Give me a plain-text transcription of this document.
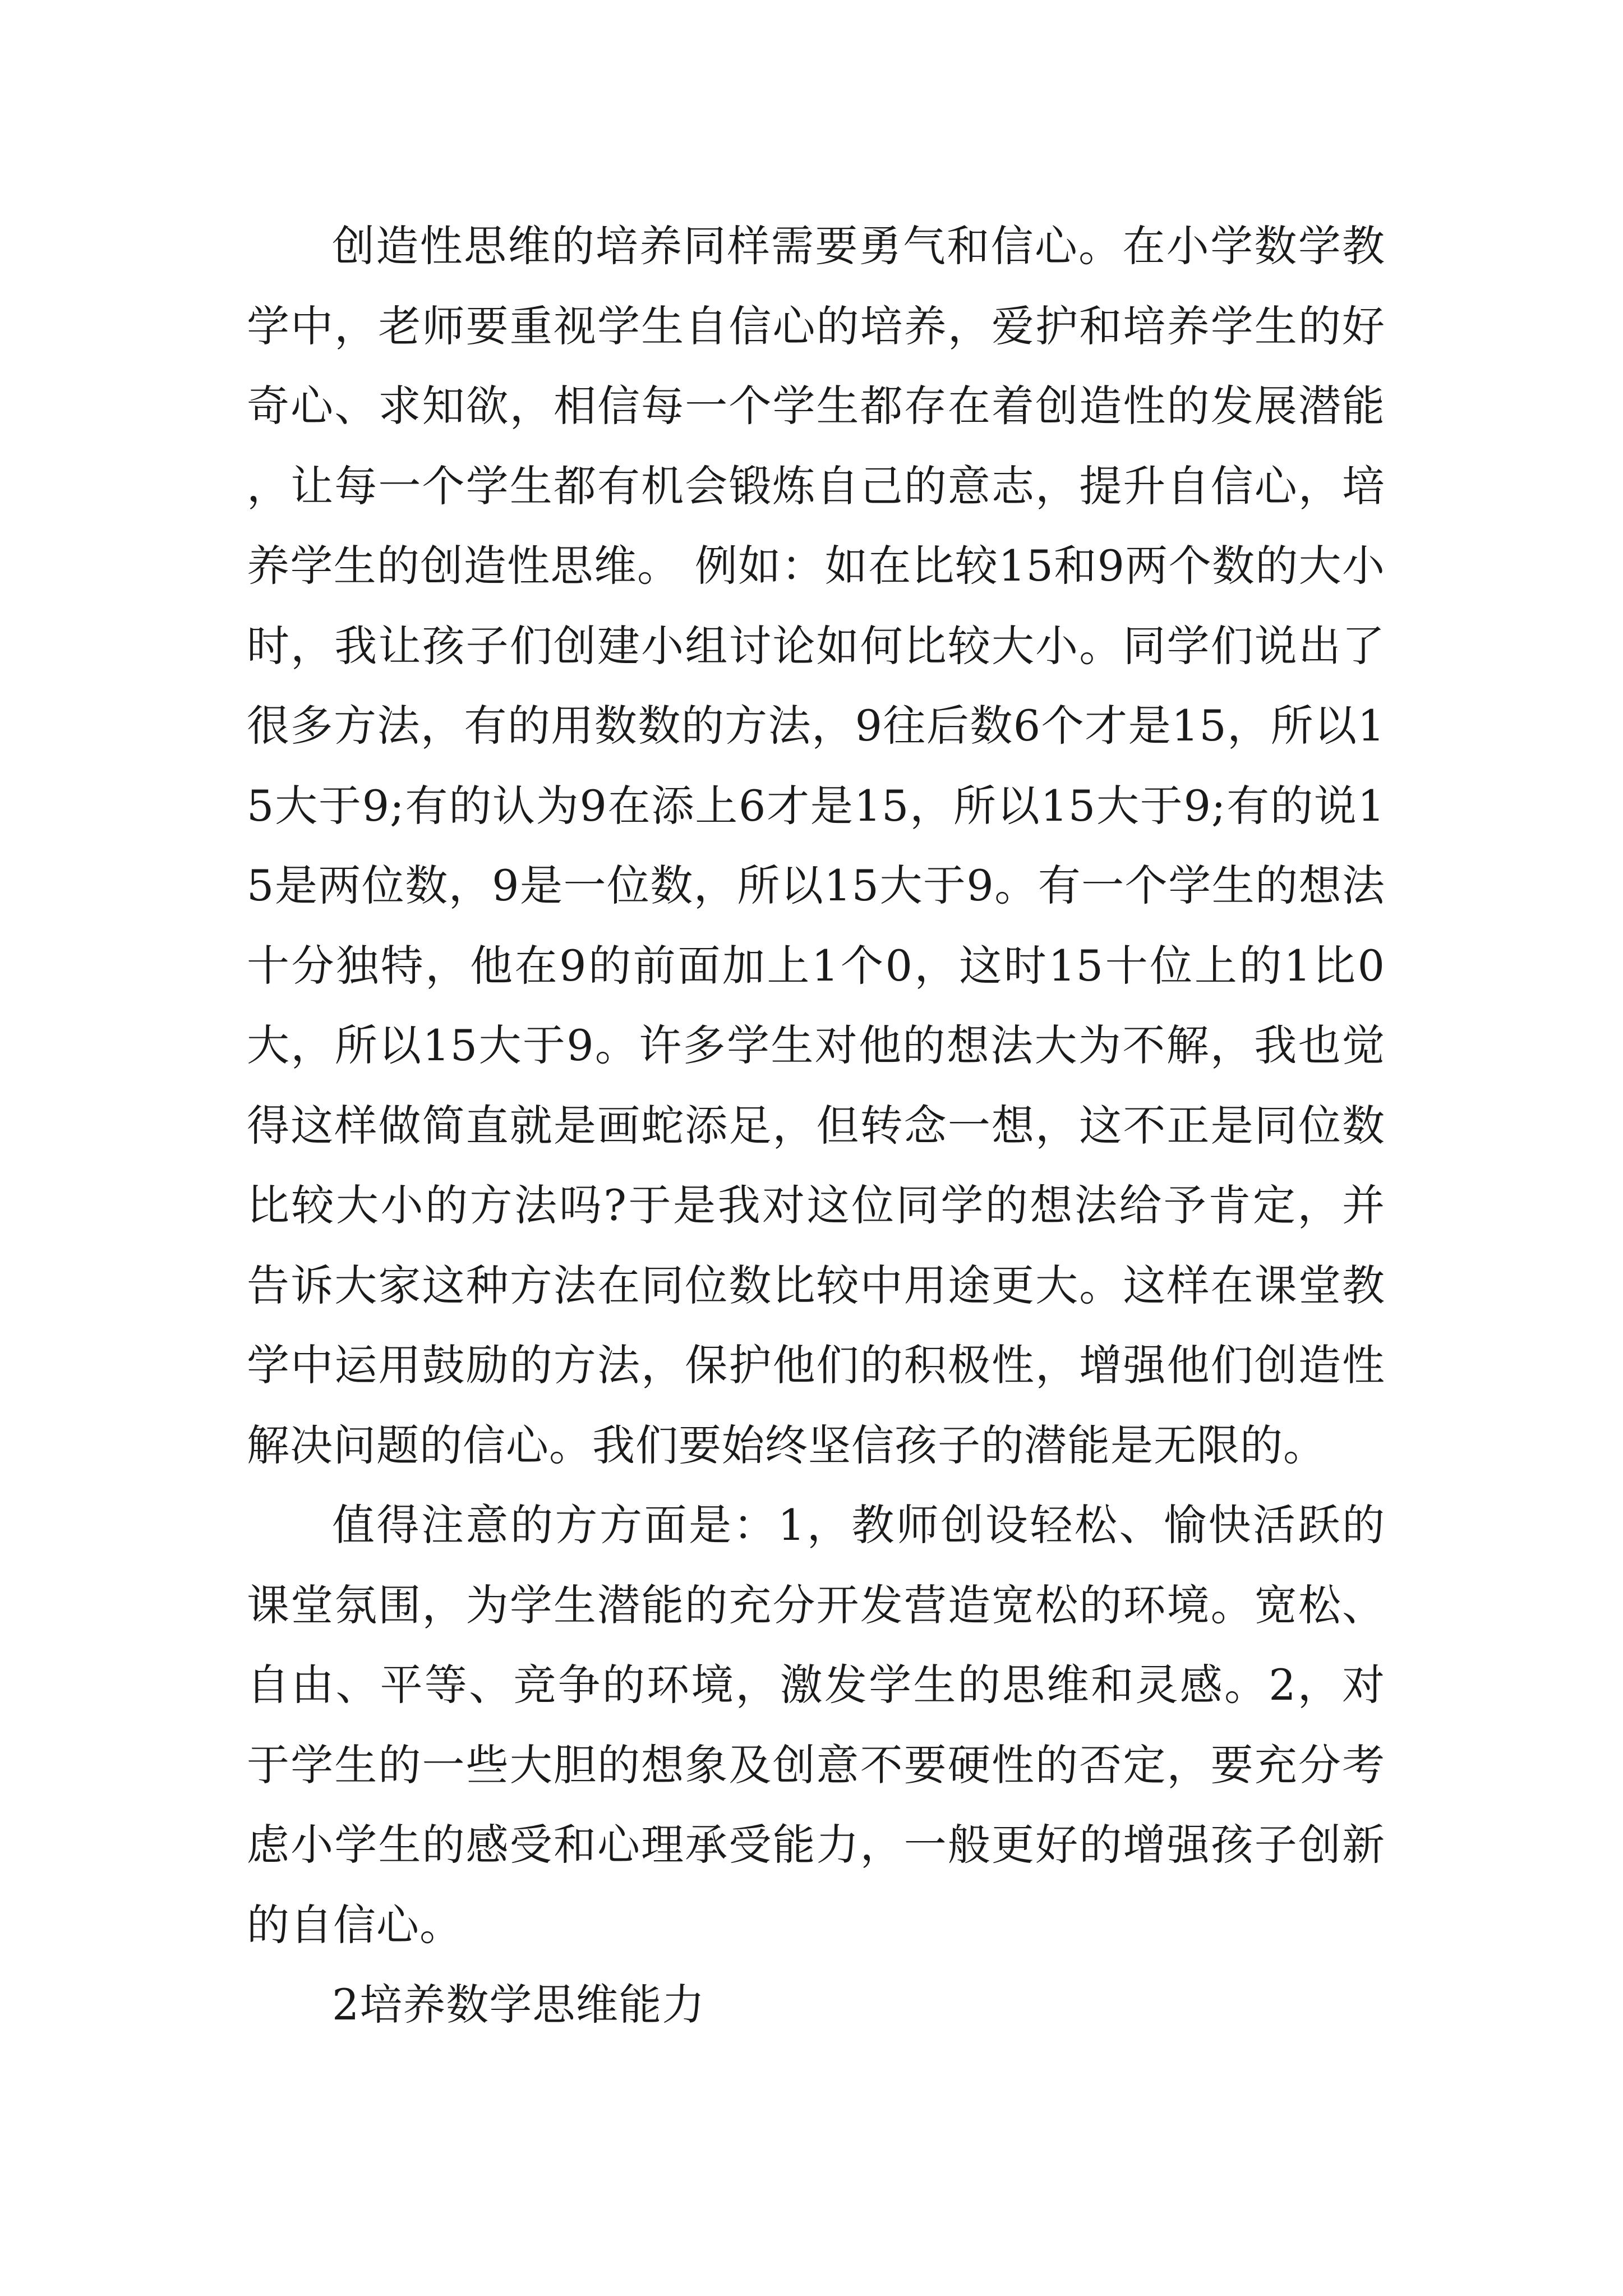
创造性思维的培养同样需要勇气和信心。在小学数学教学中，老师要重视学生自信心的培养，爱护和培养学生的好奇心、求知欲，相信每一个学生都存在着创造性的发展潜能，让每一个学生都有机会锻炼自己的意志，提升自信心，培养学生的创造性思维。 例如：如在比较15和9两个数的大小时，我让孩子们创建小组讨论如何比较大小。同学们说出了很多方法，有的用数数的方法，9往后数6个才是15，所以15大于9;有的认为9在添上6才是15，所以15大于9;有的说15是两位数，9是一位数，所以15大于9。有一个学生的想法十分独特，他在9的前面加上1个0，这时15十位上的1比0大，所以15大于9。许多学生对他的想法大为不解，我也觉得这样做简直就是画蛇添足，但转念一想，这不正是同位数比较大小的方法吗?于是我对这位同学的想法给予肯定，并告诉大家这种方法在同位数比较中用途更大。这样在课堂教学中运用鼓励的方法，保护他们的积极性，增强他们创造性解决问题的信心。我们要始终坚信孩子的潜能是无限的。

值得注意的方方面是：1，教师创设轻松、愉快活跃的课堂氛围，为学生潜能的充分开发营造宽松的环境。宽松、自由、平等、竞争的环境，激发学生的思维和灵感。2，对于学生的一些大胆的想象及创意不要硬性的否定，要充分考虑小学生的感受和心理承受能力，一般更好的增强孩子创新的自信心。

2培养数学思维能力
